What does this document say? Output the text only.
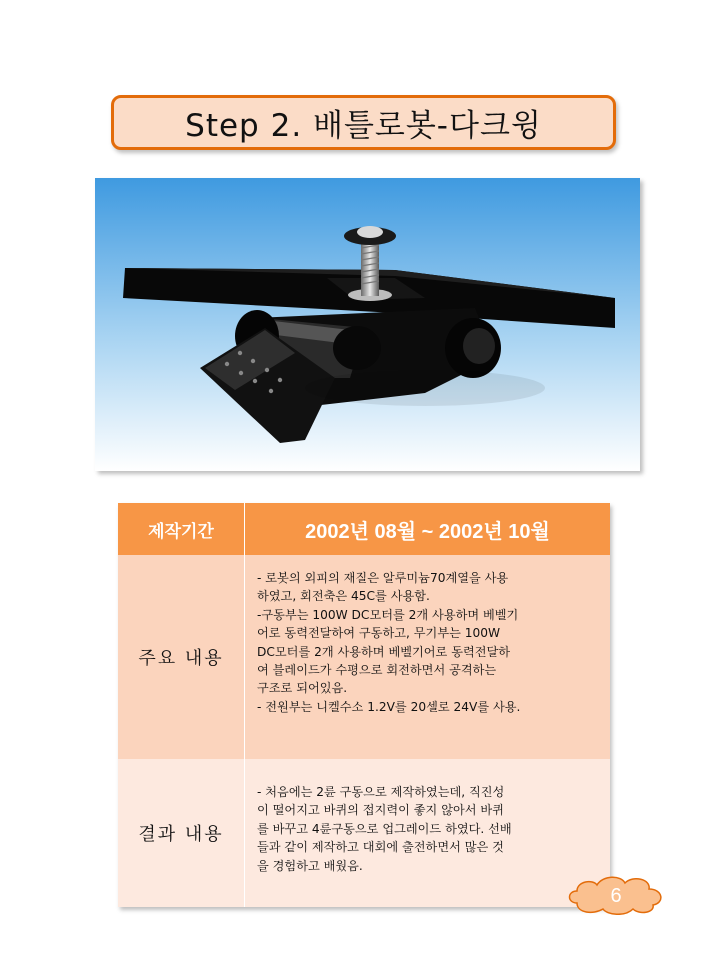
Step 2. 배틀로봇-다크윙
제작기간	2002년 08월 ~ 2002년 10월
주요 내용
- 로봇의 외피의 재질은 알루미늄70계열을 사용
하였고, 회전축은 45C를 사용함.
-구동부는 100W DC모터를 2개 사용하며 베벨기
어로 동력전달하여 구동하고, 무기부는 100W
DC모터를 2개 사용하며 베벨기어로 동력전달하
여 블레이드가 수평으로 회전하면서 공격하는
구조로 되어있음.
- 전원부는 니켈수소 1.2V를 20셀로 24V를 사용.
결과 내용
- 처음에는 2륜 구동으로 제작하였는데, 직진성
이 떨어지고 바퀴의 접지력이 좋지 않아서 바퀴
를 바꾸고 4륜구동으로 업그레이드 하였다. 선배
들과 같이 제작하고 대회에 출전하면서 많은 것
을 경험하고 배웠음.
6
